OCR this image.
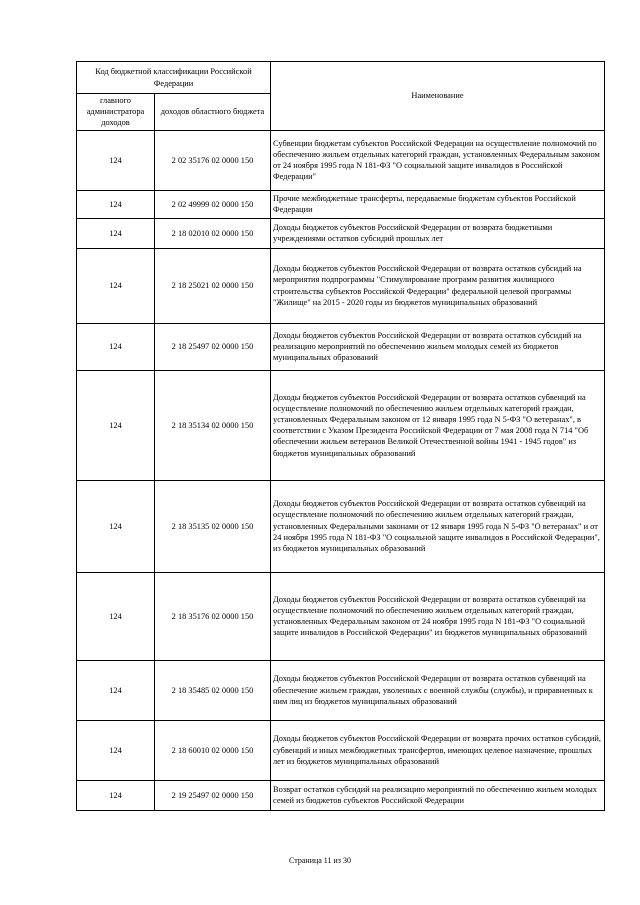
Код бюджетной классификации Российской Федерации		Наименование
главного администратора доходов	доходов областного бюджета	
124	2 02 35176 02 0000 150	Субвенции бюджетам субъектов Российской Федерации на осуществление полномочий по обеспечению жильем отдельных категорий граждан, установленных Федеральным законом от 24 ноября 1995 года N 181-ФЗ "О социальной защите инвалидов в Российской Федерации"
124	2 02 49999 02 0000 150	Прочие межбюджетные трансферты, передаваемые бюджетам субъектов Российской Федерации
124	2 18 02010 02 0000 150	Доходы бюджетов субъектов Российской Федерации от возврата бюджетными учреждениями остатков субсидий прошлых лет
124	2 18 25021 02 0000 150	Доходы бюджетов субъектов Российской Федерации от возврата остатков субсидий на мероприятия подпрограммы "Стимулирование программ развития жилищного строительства субъектов Российской Федерации" федеральной целевой программы "Жилище" на 2015 - 2020 годы из бюджетов муниципальных образований
124	2 18 25497 02 0000 150	Доходы бюджетов субъектов Российской Федерации от возврата остатков субсидий на реализацию мероприятий по обеспечению жильем молодых семей из бюджетов муниципальных образований
124	2 18 35134 02 0000 150	Доходы бюджетов субъектов Российской Федерации от возврата остатков субвенций на осуществление полномочий по обеспечению жильем отдельных категорий граждан, установленных Федеральным законом от 12 января 1995 года N 5-ФЗ "О ветеранах", в соответствии с Указом Президента Российской Федерации от 7 мая 2008 года N 714 "Об обеспечении жильем ветеранов Великой Отечественной войны 1941 - 1945 годов" из бюджетов муниципальных образований
124	2 18 35135 02 0000 150	Доходы бюджетов субъектов Российской Федерации от возврата остатков субвенций на осуществление полномочий по обеспечению жильем отдельных категорий граждан, установленных Федеральными законами от 12 января 1995 года N 5-ФЗ "О ветеранах" и от 24 ноября 1995 года N 181-ФЗ "О социальной защите инвалидов в Российской Федерации", из бюджетов муниципальных образований
124	2 18 35176 02 0000 150	Доходы бюджетов субъектов Российской Федерации от возврата остатков субвенций на осуществление полномочий по обеспечению жильем отдельных категорий граждан, установленных Федеральным законом от 24 ноября 1995 года N 181-ФЗ "О социальной защите инвалидов в Российской Федерации" из бюджетов муниципальных образований
124	2 18 35485 02 0000 150	Доходы бюджетов субъектов Российской Федерации от возврата остатков субвенций на обеспечение жильем граждан, уволенных с военной службы (службы), и приравненных к ним лиц из бюджетов муниципальных образований
124	2 18 60010 02 0000 150	Доходы бюджетов субъектов Российской Федерации от возврата прочих остатков субсидий, субвенций и иных межбюджетных трансфертов, имеющих целевое назначение, прошлых лет из бюджетов муниципальных образований
124	2 19 25497 02 0000 150	Возврат остатков субсидий на реализацию мероприятий по обеспечению жильем молодых семей из бюджетов субъектов Российской Федерации
Страница 11 из 30
